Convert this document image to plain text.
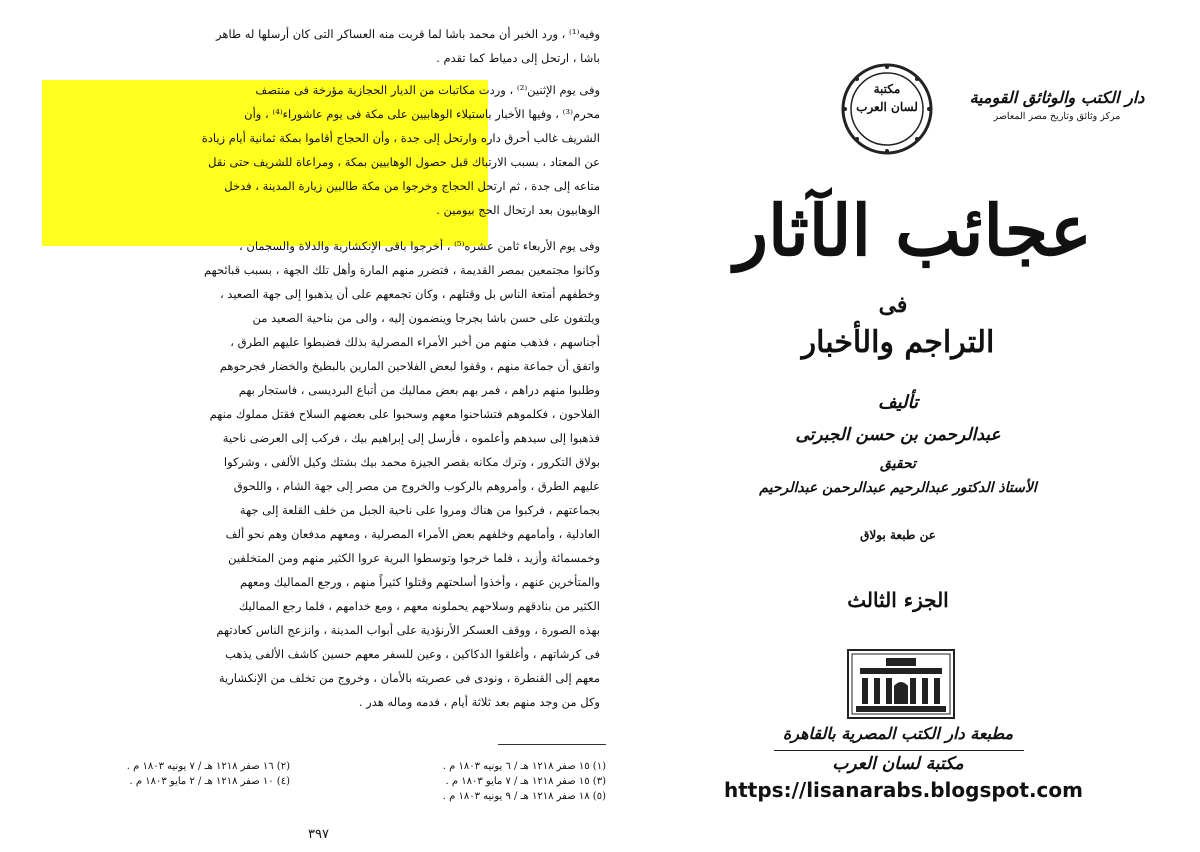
وفيه⁽¹⁾ ، ورد الخبر أن محمد باشا لما قربت منه العساكر التى كان أرسلها له طاهر
باشا ، ارتحل إلى دمياط كما تقدم .
وفى يوم الإثنين⁽²⁾ ، وردت مكاتبات من الديار الحجازية مؤرخة فى منتصف
محرم⁽³⁾ ، وفيها الأخبار باستيلاء الوهابيين على مكة فى يوم عاشوراء⁽⁴⁾ ، وأن
الشريف غالب أحرق داره وارتحل إلى جدة ، وأن الحجاج أقاموا بمكة ثمانية أيام زيادة
عن المعتاد ، بسبب الارتباك قبل حصول الوهابيين بمكة ، ومراعاة للشريف حتى نقل
متاعه إلى جدة ، ثم ارتحل الحجاج وخرجوا من مكة طالبين زيارة المدينة ، فدخل
الوهابيون بعد ارتحال الحج بيومين .
وفى يوم الأربعاء ثامن عشره⁽⁵⁾ ، أخرجوا باقى الإنكشارية والدلاة والسجمان ،
وكانوا مجتمعين بمصر القديمة ، فتضرر منهم المارة وأهل تلك الجهة ، بسبب قبائحهم
وخطفهم أمتعة الناس بل وقتلهم ، وكان تجمعهم على أن يذهبوا إلى جهة الصعيد ،
ويلتفون على حسن باشا بجرجا وينضمون إليه ، والى من بناحية الصعيد من
أجناسهم ، فذهب منهم من أخبر الأمراء المصرلية بذلك فضبطوا عليهم الطرق ،
واتفق أن جماعة منهم ، وقفوا لبعض الفلاحين المارين بالبطيخ والخضار فجرحوهم
وطلبوا منهم دراهم ، فمر بهم بعض مماليك من أتباع البرديسى ، فاستجار بهم
الفلاحون ، فكلموهم فتشاحنوا معهم وسحبوا على بعضهم السلاح فقتل مملوك منهم
فذهبوا إلى سيدهم وأعلموه ، فأرسل إلى إبراهيم بيك ، فركب إلى العرضى ناحية
بولاق التكرور ، وترك مكانه بقصر الجيزة محمد بيك بشتك وكيل الألفى ، وشركوا
عليهم الطرق ، وأمروهم بالركوب والخروج من مصر إلى جهة الشام ، واللحوق
بجماعتهم ، فركبوا من هناك ومروا على ناحية الجبل من خلف القلعة إلى جهة
العادلية ، وأمامهم وخلفهم بعض الأمراء المصرلية ، ومعهم مدفعان وهم نحو ألف
وخمسمائة وأزيد ، فلما خرجوا وتوسطوا البرية عروا الكثير منهم ومن المتخلفين
والمتأخرين عنهم ، وأخذوا أسلحتهم وقتلوا كثيراً منهم ، ورجع المماليك ومعهم
الكثير من بنادقهم وسلاحهم يحملونه معهم ، ومع خدامهم ، فلما رجع المماليك
بهذه الصورة ، ووقف العسكر الأرنؤدية على أبواب المدينة ، وانزعج الناس كعادتهم
فى كرشاتهم ، وأغلقوا الدكاكين ، وعين للسفر معهم حسين كاشف الألفى يذهب
معهم إلى القنطرة ، ونودى فى عصريته بالأمان ، وخروج من تخلف من الإنكشارية
وكل من وجد منهم بعد ثلاثة أيام ، فدمه وماله هدر .
(١) ١٥ صفر ١٢١٨ هـ / ٦ يونيه ١٨٠٣ م .
(٣) ١٥ صفر ١٢١٨ هـ / ٧ مايو ١٨٠٣ م .
(٥) ١٨ صفر ١٢١٨ هـ / ٩ يونيه ١٨٠٣ م .
(٢) ١٦ صفر ١٢١٨ هـ / ٧ يونيه ١٨٠٣ م .
(٤) ١٠ صفر ١٢١٨ هـ / ٢ مايو ١٨٠٣ م .
٣٩٧
دار الكتب والوثائق القومية
مركز وثائق وتاريخ مصر المعاصر
مكتبة
لسان العرب
عجائب الآثار
فى
التراجم والأخبار
تأليف
عبدالرحمن بن حسن الجبرتى
تحقيق
الأستاذ الدكتور عبدالرحيم عبدالرحمن عبدالرحيم
عن طبعة بولاق
الجزء الثالث
مطبعة دار الكتب المصرية بالقاهرة
مكتبة لسان العرب
https://lisanarabs.blogspot.com
